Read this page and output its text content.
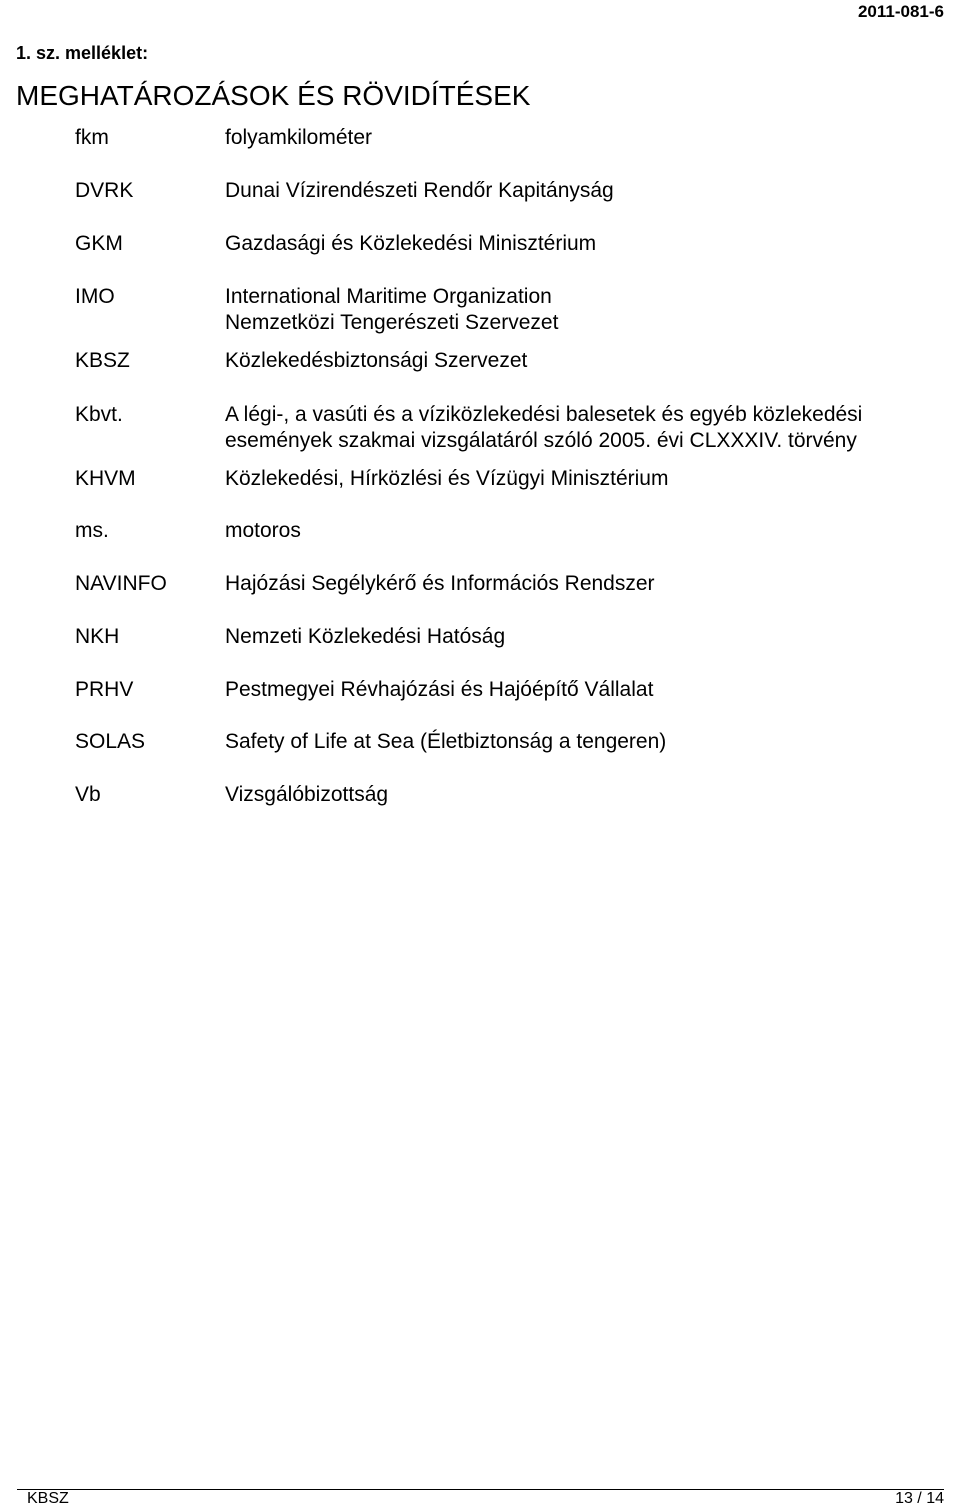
2011-081-6
1. sz. melléklet:
MEGHATÁROZÁSOK ÉS RÖVIDÍTÉSEK
fkm	folyamkilométer
DVRK	Dunai Vízirendészeti Rendőr Kapitányság
GKM	Gazdasági és Közlekedési Minisztérium
IMO	International Maritime Organization
Nemzetközi Tengerészeti Szervezet
KBSZ	Közlekedésbiztonsági Szervezet
Kbvt.	A légi-, a vasúti és a víziközlekedési balesetek és egyéb közlekedési
események szakmai vizsgálatáról szóló 2005. évi CLXXXIV. törvény
KHVM	Közlekedési, Hírközlési és Vízügyi Minisztérium
ms.	motoros
NAVINFO	Hajózási Segélykérő és Információs Rendszer
NKH	Nemzeti Közlekedési Hatóság
PRHV	Pestmegyei Révhajózási és Hajóépítő Vállalat
SOLAS	Safety of Life at Sea (Életbiztonság a tengeren)
Vb	Vizsgálóbizottság
KBSZ	13 / 14
